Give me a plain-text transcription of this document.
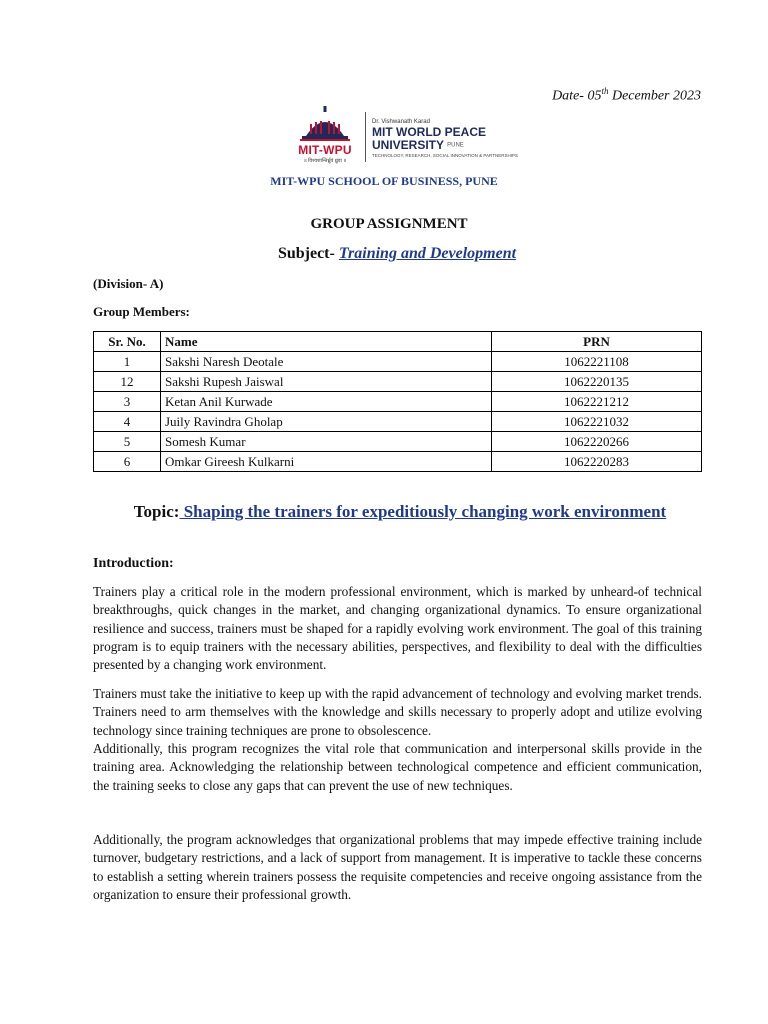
Date- 05th December 2023
MIT-WPU
॥ विश्वशान्तिर्ध्रुवं ध्रुवा ॥
Dr. Vishwanath Karad
MIT WORLD PEACE
UNIVERSITY PUNE
TECHNOLOGY, RESEARCH, SOCIAL INNOVATION & PARTNERSHIPS
MIT-WPU SCHOOL OF BUSINESS, PUNE
GROUP ASSIGNMENT
Subject- Training and Development
(Division- A)
Group Members:
Sr. No.	Name	PRN
1	Sakshi Naresh Deotale	1062221108
12	Sakshi Rupesh Jaiswal	1062220135
3	Ketan Anil Kurwade	1062221212
4	Juily Ravindra Gholap	1062221032
5	Somesh Kumar	1062220266
6	Omkar Gireesh Kulkarni	1062220283
Topic: Shaping the trainers for expeditiously changing work environment
Introduction:

Trainers play a critical role in the modern professional environment, which is marked by unheard-of technical breakthroughs, quick changes in the market, and changing organizational dynamics. To ensure organizational resilience and success, trainers must be shaped for a rapidly evolving work environment. The goal of this training program is to equip trainers with the necessary abilities, perspectives, and flexibility to deal with the difficulties presented by a changing work environment.

Trainers must take the initiative to keep up with the rapid advancement of technology and evolving market trends. Trainers need to arm themselves with the knowledge and skills necessary to properly adopt and utilize evolving technology since training techniques are prone to obsolescence.

Additionally, this program recognizes the vital role that communication and interpersonal skills provide in the training area. Acknowledging the relationship between technological competence and efficient communication, the training seeks to close any gaps that can prevent the use of new techniques.

Additionally, the program acknowledges that organizational problems that may impede effective training include turnover, budgetary restrictions, and a lack of support from management. It is imperative to tackle these concerns to establish a setting wherein trainers possess the requisite competencies and receive ongoing assistance from the organization to ensure their professional growth.
